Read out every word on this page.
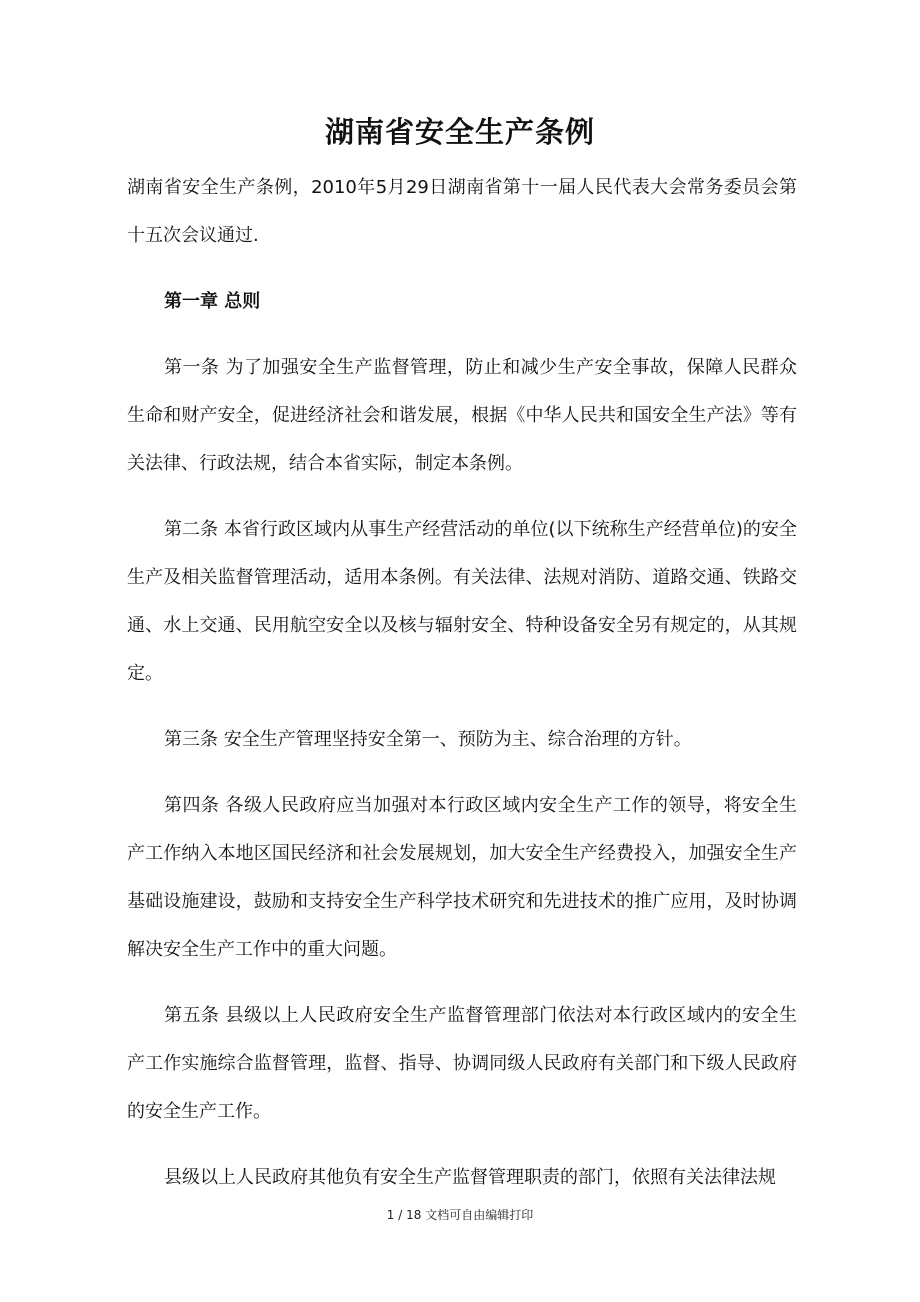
湖南省安全生产条例

湖南省安全生产条例，2010年5月29日湖南省第十一届人民代表大会常务委员会第十五次会议通过.

第一章 总则

第一条 为了加强安全生产监督管理，防止和减少生产安全事故，保障人民群众生命和财产安全，促进经济社会和谐发展，根据《中华人民共和国安全生产法》等有关法律、行政法规，结合本省实际，制定本条例。

第二条 本省行政区域内从事生产经营活动的单位(以下统称生产经营单位)的安全生产及相关监督管理活动，适用本条例。有关法律、法规对消防、道路交通、铁路交通、水上交通、民用航空安全以及核与辐射安全、特种设备安全另有规定的，从其规定。

第三条 安全生产管理坚持安全第一、预防为主、综合治理的方针。

第四条 各级人民政府应当加强对本行政区域内安全生产工作的领导，将安全生产工作纳入本地区国民经济和社会发展规划，加大安全生产经费投入，加强安全生产基础设施建设，鼓励和支持安全生产科学技术研究和先进技术的推广应用，及时协调解决安全生产工作中的重大问题。

第五条 县级以上人民政府安全生产监督管理部门依法对本行政区域内的安全生产工作实施综合监督管理，监督、指导、协调同级人民政府有关部门和下级人民政府的安全生产工作。

县级以上人民政府其他负有安全生产监督管理职责的部门，依照有关法律法规

1 / 18 文档可自由编辑打印
